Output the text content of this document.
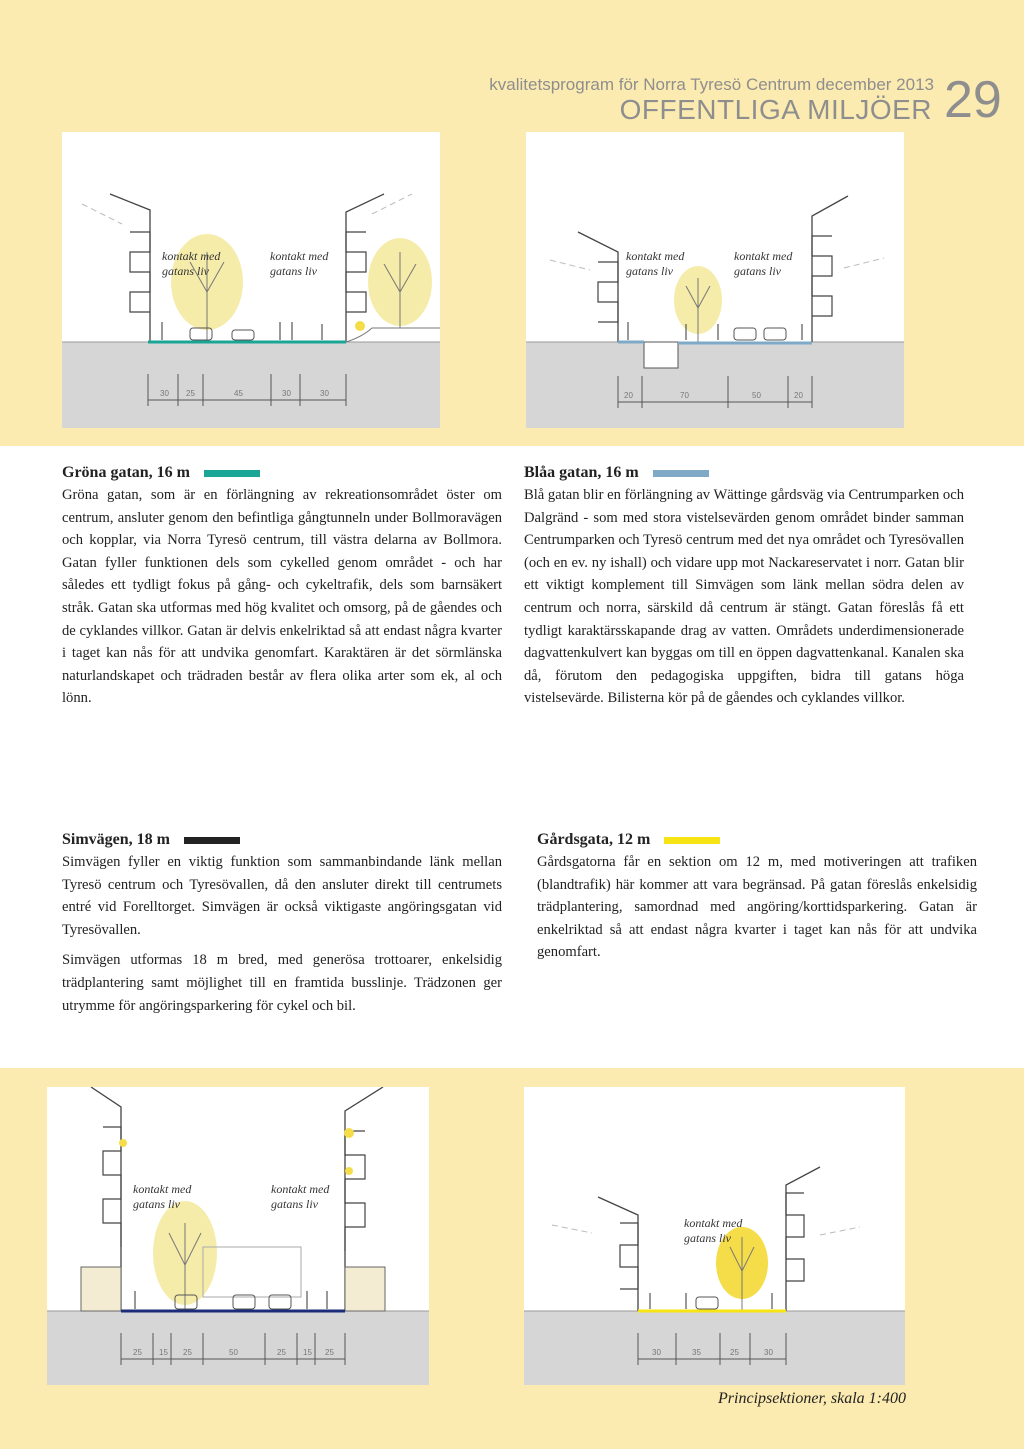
kvalitetsprogram för Norra Tyresö Centrum december 2013
OFFENTLIGA MILJÖER 29
kontakt med
gatans liv
kontakt med
gatans liv
30 25	45	30	30
kontakt med
gatans liv
kontakt med
gatans liv
20	70	50	20
Gröna gatan, 16 m

Gröna gatan, som är en förlängning av rekreationsområdet öster om centrum, ansluter genom den befintliga gångtunneln under Bollmoravägen och kopplar, via Norra Tyresö centrum, till västra delarna av Bollmora. Gatan fyller funktionen dels som cykelled genom området - och har således ett tydligt fokus på gång- och cykeltrafik, dels som barnsäkert stråk. Gatan ska utformas med hög kvalitet och omsorg, på de gåendes och de cyklandes villkor. Gatan är delvis enkelriktad så att endast några kvarter i taget kan nås för att undvika genomfart. Karaktären är det sörmlänska naturlandskapet och trädraden består av flera olika arter som ek, al och lönn.

Blåa gatan, 16 m

Blå gatan blir en förlängning av Wättinge gårdsväg via Centrumparken och Dalgränd - som med stora vistelsevärden genom området binder samman Centrumparken och Tyresö centrum med det nya området och Tyresövallen (och en ev. ny ishall) och vidare upp mot Nackareservatet i norr. Gatan blir ett viktigt komplement till Simvägen som länk mellan södra delen av centrum och norra, särskild då centrum är stängt. Gatan föreslås få ett tydligt karaktärsskapande drag av vatten. Områdets underdimensionerade dagvattenkulvert kan byggas om till en öppen dagvattenkanal. Kanalen ska då, förutom den pedagogiska uppgiften, bidra till gatans höga vistelsevärde. Bilisterna kör på de gåendes och cyklandes villkor.

Simvägen, 18 m

Simvägen fyller en viktig funktion som sammanbindande länk mellan Tyresö centrum och Tyresövallen, då den ansluter direkt till centrumets entré vid Forelltorget. Simvägen är också viktigaste angöringsgatan vid Tyresövallen.

Simvägen utformas 18 m bred, med generösa trottoarer, enkelsidig trädplantering samt möjlighet till en framtida busslinje. Trädzonen ger utrymme för angöringsparkering för cykel och bil.

Gårdsgata, 12 m

Gårdsgatorna får en sektion om 12 m, med motiveringen att trafiken (blandtrafik) här kommer att vara begränsad. På gatan föreslås enkelsidig trädplantering, samordnad med angöring/korttidsparkering. Gatan är enkelriktad så att endast några kvarter i taget kan nås för att undvika genomfart.

kontakt med
gatans liv
kontakt med
gatans liv
25 15 25	50	25 15 25
kontakt med
gatans liv
30	35	25	30
Principsektioner, skala 1:400
